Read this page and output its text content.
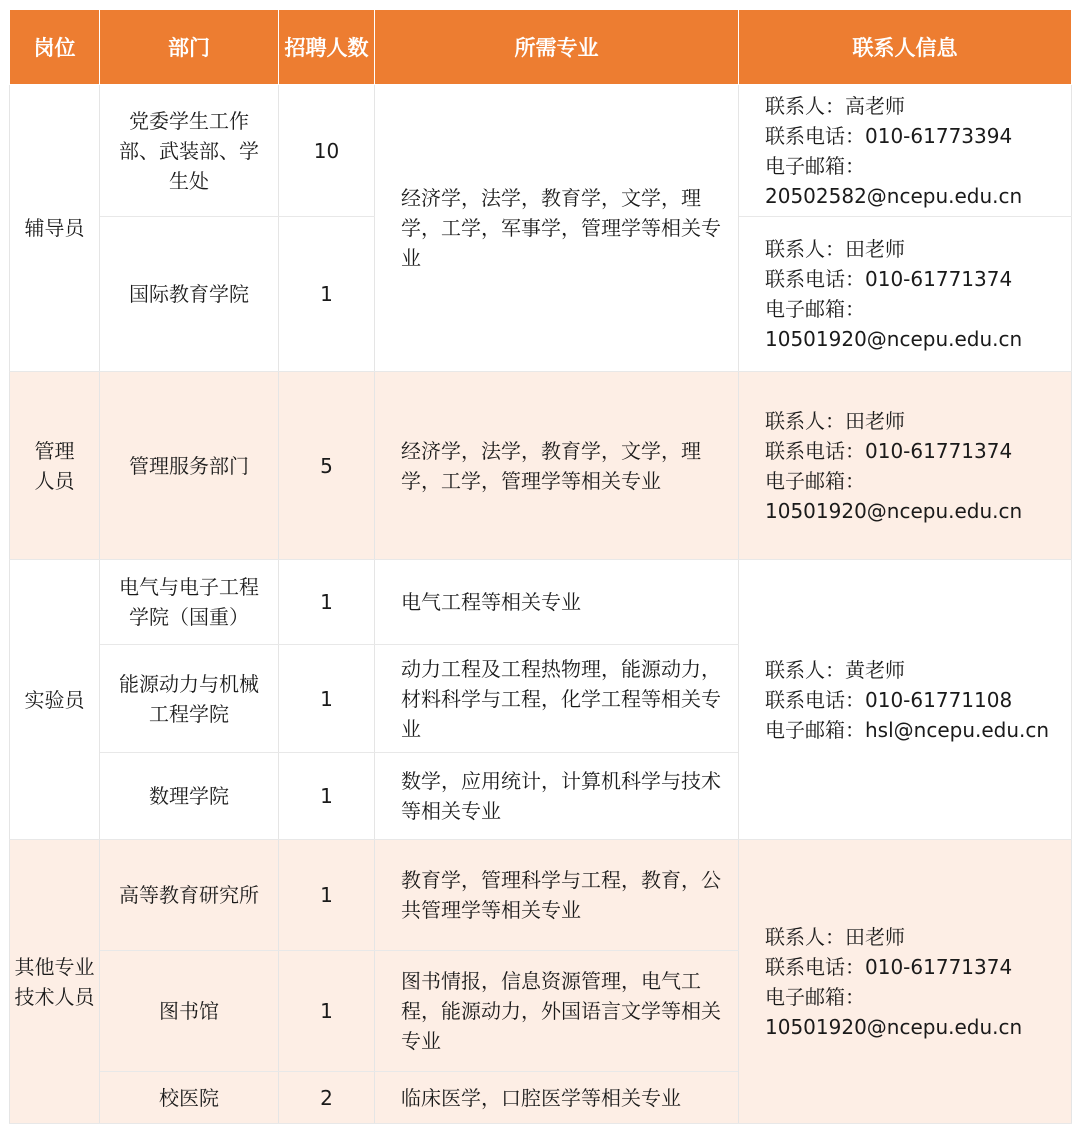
岗位	部门	招聘人数	所需专业	联系人信息
辅导员	党委学生工作部、武装部、学生处	10	经济学，法学，教育学，文学，理
学，工学，军事学，管理学等相关专
业	联系人：高老师
联系电话：010-61773394
电子邮箱：
20502582@ncepu.edu.cn

	国际教育学院	1		联系人：田老师
联系电话：010-61771374
电子邮箱：
10501920@ncepu.edu.cn

管理人员	管理服务部门	5	经济学，法学，教育学，文学，理
学，工学，管理学等相关专业	联系人：田老师
联系电话：010-61771374
电子邮箱：
10501920@ncepu.edu.cn

实验员	电气与电子工程学院（国重）	1	电气工程等相关专业	联系人：黄老师
联系电话：010-61771108
电子邮箱：hsl@ncepu.edu.cn

	能源动力与机械工程学院	1	动力工程及工程热物理，能源动力，
材料科学与工程，化学工程等相关专
业	

	数理学院	1	数学，应用统计，计算机科学与技术
等相关专业	

其他专业技术人员	高等教育研究所	1	教育学，管理科学与工程，教育，公
共管理学等相关专业	联系人：田老师
联系电话：010-61771374
电子邮箱：
10501920@ncepu.edu.cn

	图书馆	1	图书情报，信息资源管理，电气工
程，能源动力，外国语言文学等相关
专业	

	校医院	2	临床医学，口腔医学等相关专业	
